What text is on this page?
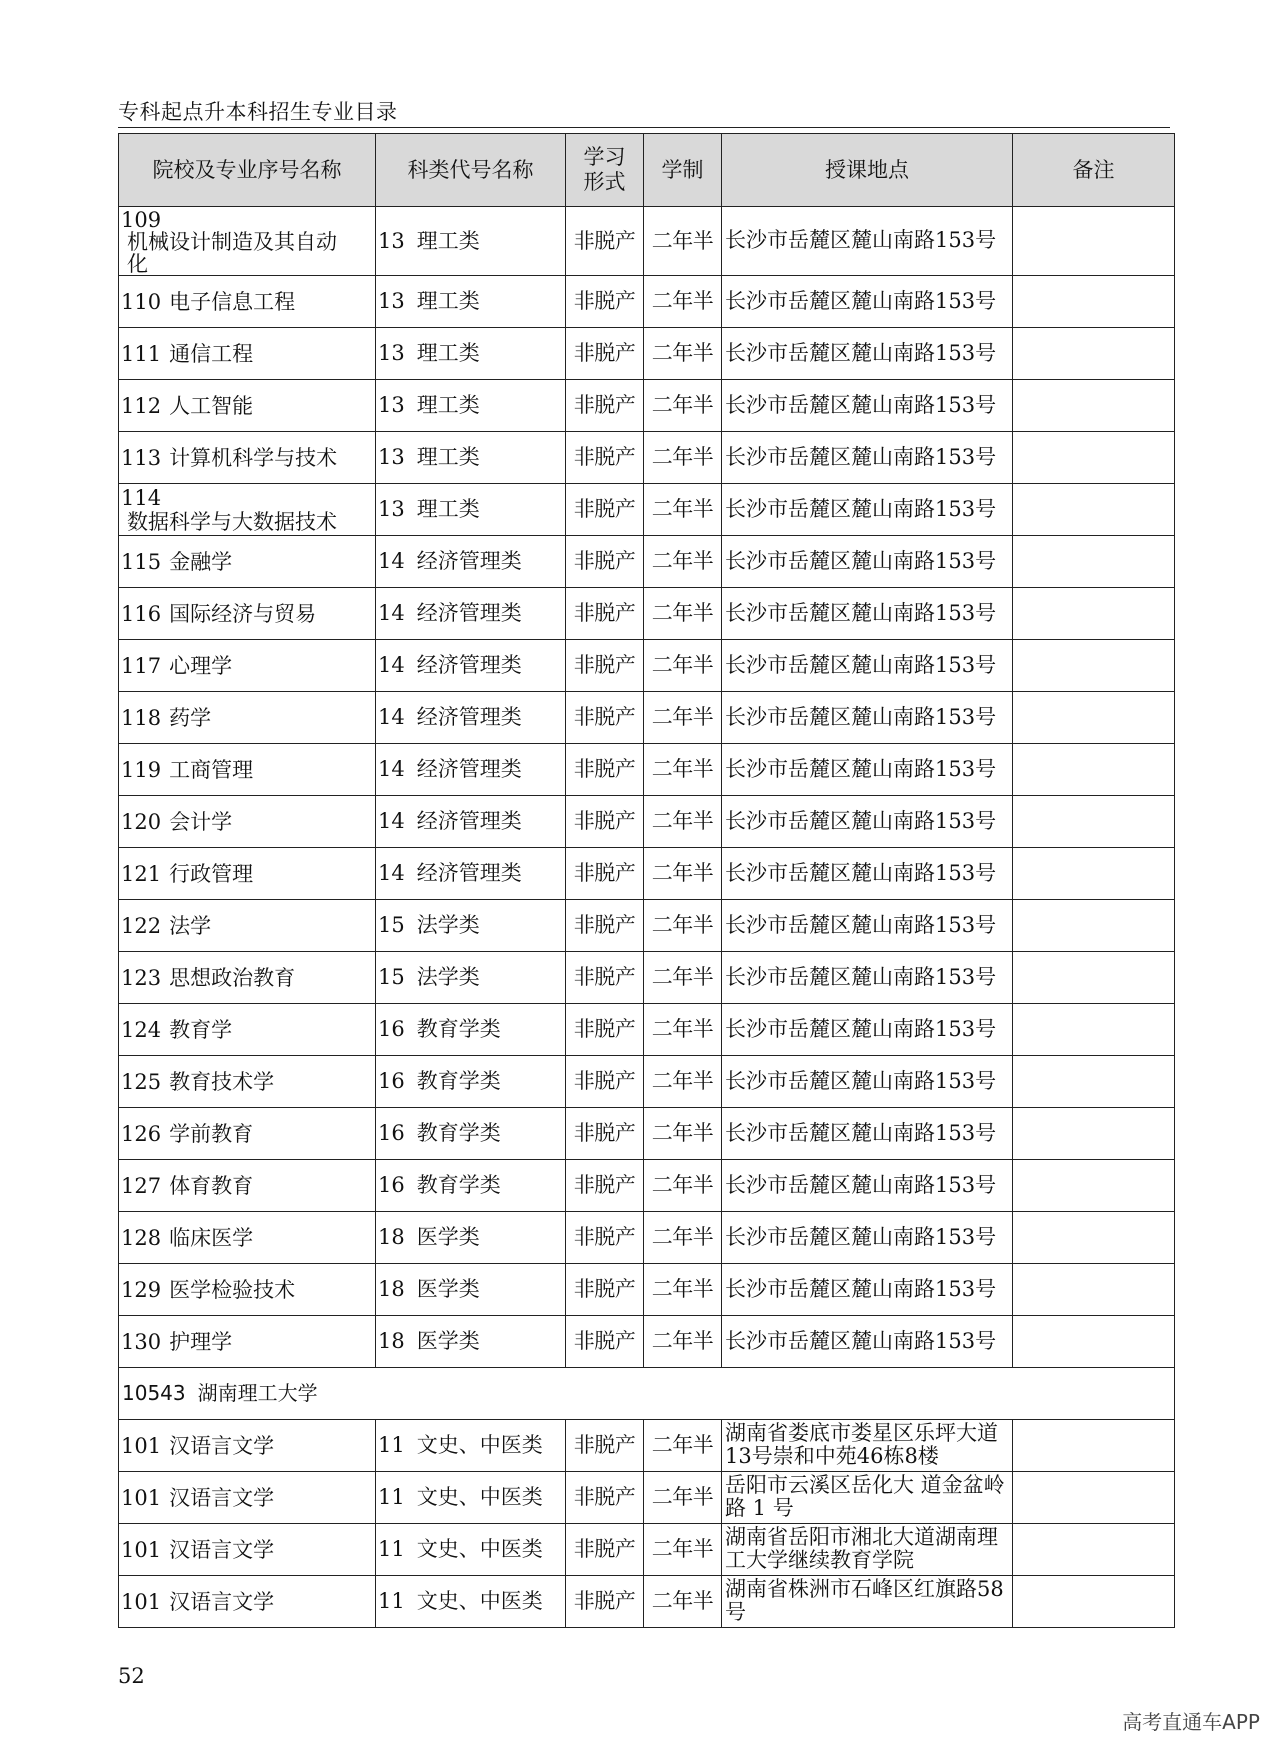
专科起点升本科招生专业目录
院校及专业序号名称	科类代号名称	学习形式	学制	授课地点	备注
109机械设计制造及其自动化	13 理工类	非脱产	二年半	长沙市岳麓区麓山南路153号	
110 电子信息工程	13 理工类	非脱产	二年半	长沙市岳麓区麓山南路153号	
111 通信工程	13 理工类	非脱产	二年半	长沙市岳麓区麓山南路153号	
112 人工智能	13 理工类	非脱产	二年半	长沙市岳麓区麓山南路153号	
113 计算机科学与技术	13 理工类	非脱产	二年半	长沙市岳麓区麓山南路153号	
114数据科学与大数据技术	13 理工类	非脱产	二年半	长沙市岳麓区麓山南路153号	
115 金融学	14 经济管理类	非脱产	二年半	长沙市岳麓区麓山南路153号	
116 国际经济与贸易	14 经济管理类	非脱产	二年半	长沙市岳麓区麓山南路153号	
117 心理学	14 经济管理类	非脱产	二年半	长沙市岳麓区麓山南路153号	
118 药学	14 经济管理类	非脱产	二年半	长沙市岳麓区麓山南路153号	
119 工商管理	14 经济管理类	非脱产	二年半	长沙市岳麓区麓山南路153号	
120 会计学	14 经济管理类	非脱产	二年半	长沙市岳麓区麓山南路153号	
121 行政管理	14 经济管理类	非脱产	二年半	长沙市岳麓区麓山南路153号	
122 法学	15 法学类	非脱产	二年半	长沙市岳麓区麓山南路153号	
123 思想政治教育	15 法学类	非脱产	二年半	长沙市岳麓区麓山南路153号	
124 教育学	16 教育学类	非脱产	二年半	长沙市岳麓区麓山南路153号	
125 教育技术学	16 教育学类	非脱产	二年半	长沙市岳麓区麓山南路153号	
126 学前教育	16 教育学类	非脱产	二年半	长沙市岳麓区麓山南路153号	
127 体育教育	16 教育学类	非脱产	二年半	长沙市岳麓区麓山南路153号	
128 临床医学	18 医学类	非脱产	二年半	长沙市岳麓区麓山南路153号	
129 医学检验技术	18 医学类	非脱产	二年半	长沙市岳麓区麓山南路153号	
130 护理学	18 医学类	非脱产	二年半	长沙市岳麓区麓山南路153号	
10543 湖南理工大学					
101 汉语言文学	11 文史、中医类	非脱产	二年半	湖南省娄底市娄星区乐坪大道13号崇和中苑46栋8楼	
101 汉语言文学	11 文史、中医类	非脱产	二年半	岳阳市云溪区岳化大 道金盆岭路 1 号	
101 汉语言文学	11 文史、中医类	非脱产	二年半	湖南省岳阳市湘北大道湖南理工大学继续教育学院	
101 汉语言文学	11 文史、中医类	非脱产	二年半	湖南省株洲市石峰区红旗路58号	
52
高考直通车APP
